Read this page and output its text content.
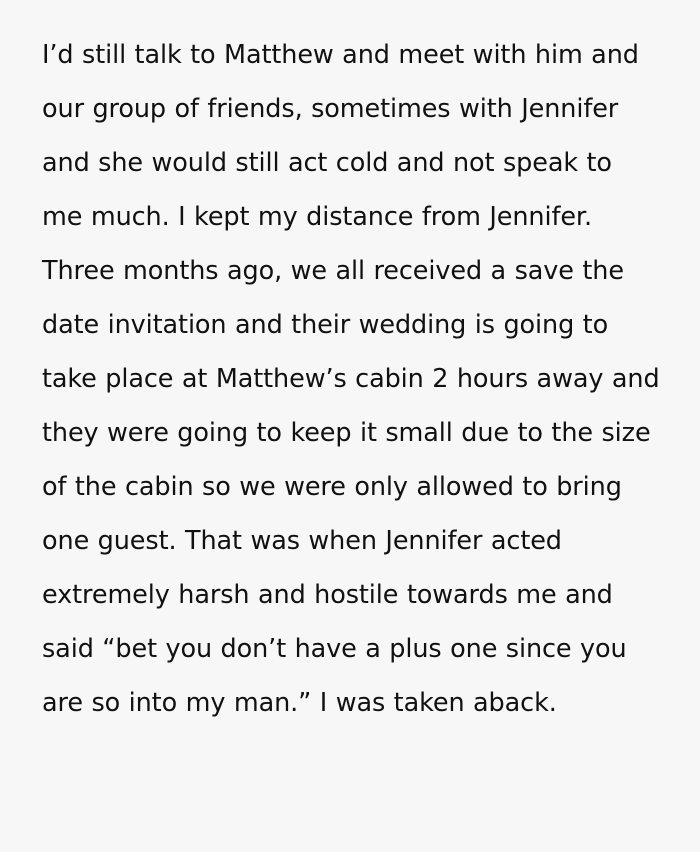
I’d still talk to Matthew and meet with him and our group of friends, sometimes with Jennifer and she would still act cold and not speak to me much. I kept my distance from Jennifer. Three months ago, we all received a save the date invitation and their wedding is going to take place at Matthew’s cabin 2 hours away and they were going to keep it small due to the size of the cabin so we were only allowed to bring one guest. That was when Jennifer acted extremely harsh and hostile towards me and said “bet you don’t have a plus one since you are so into my man.” I was taken aback.
